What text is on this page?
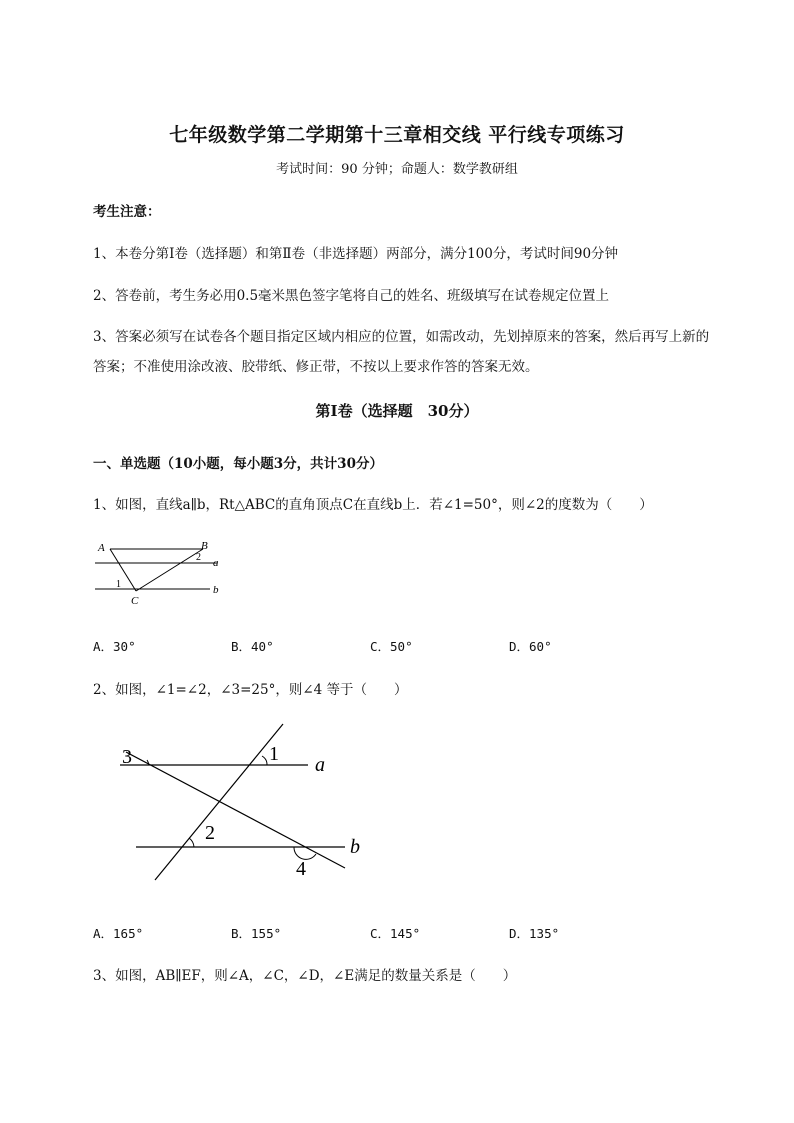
七年级数学第二学期第十三章相交线 平行线专项练习
考试时间：90 分钟；命题人：数学教研组
考生注意：
1、本卷分第I卷（选择题）和第Ⅱ卷（非选择题）两部分，满分100分，考试时间90分钟
2、答卷前，考生务必用0.5毫米黑色签字笔将自己的姓名、班级填写在试卷规定位置上
3、答案必须写在试卷各个题目指定区域内相应的位置，如需改动，先划掉原来的答案，然后再写上新的答案；不准使用涂改液、胶带纸、修正带，不按以上要求作答的答案无效。
第I卷（选择题　30分）
一、单选题（10小题，每小题3分，共计30分）
1、如图，直线a∥b，Rt△ABC的直角顶点C在直线b上．若∠1=50°，则∠2的度数为（　　）
A	B
a
b
C
1
2
A．30°	B．40°	C．50°	D．60°
2、如图，∠1=∠2，∠3=25°，则∠4 等于（　　）
3	1 a
2
b
4
A．165°	B．155°	C．145°	D．135°
3、如图，AB∥EF，则∠A，∠C，∠D，∠E满足的数量关系是（　　）
